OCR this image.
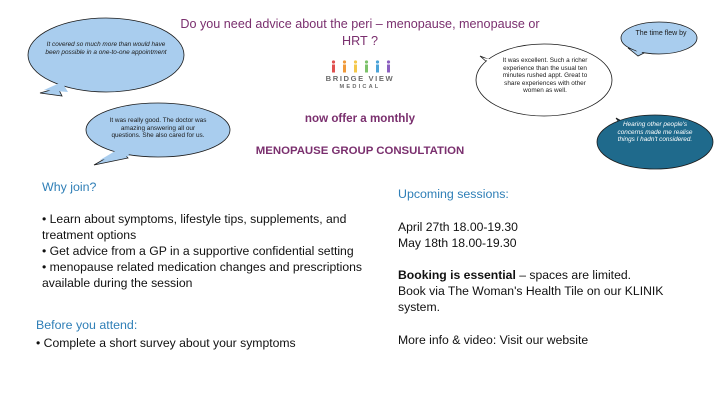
It covered so much more than would have been possible in a one-to-one appointment
It was really good. The doctor was amazing answering all our questions. She also cared for us.
It was excellent. Such a richer experience than the usual ten minutes rushed appt. Great to share experiences with other women as well.
The time flew by
Hearing other people's concerns made me realise things I hadn't considered.
Do you need advice about the peri – menopause, menopause or HRT ?
BRIDGE VIEW
MEDICAL
now offer a monthly
MENOPAUSE GROUP CONSULTATION
Why join?
• Learn about symptoms, lifestyle tips, supplements, and treatment options
• Get advice from a GP in a supportive confidential setting
• menopause related medication changes and prescriptions available during the session
Before you attend:
• Complete a short survey about your symptoms
Upcoming sessions:
April 27th 18.00-19.30
May 18th 18.00-19.30
Booking is essential – spaces are limited.
Book via The Woman's Health Tile on our KLINIK system.
More info & video: Visit our website
